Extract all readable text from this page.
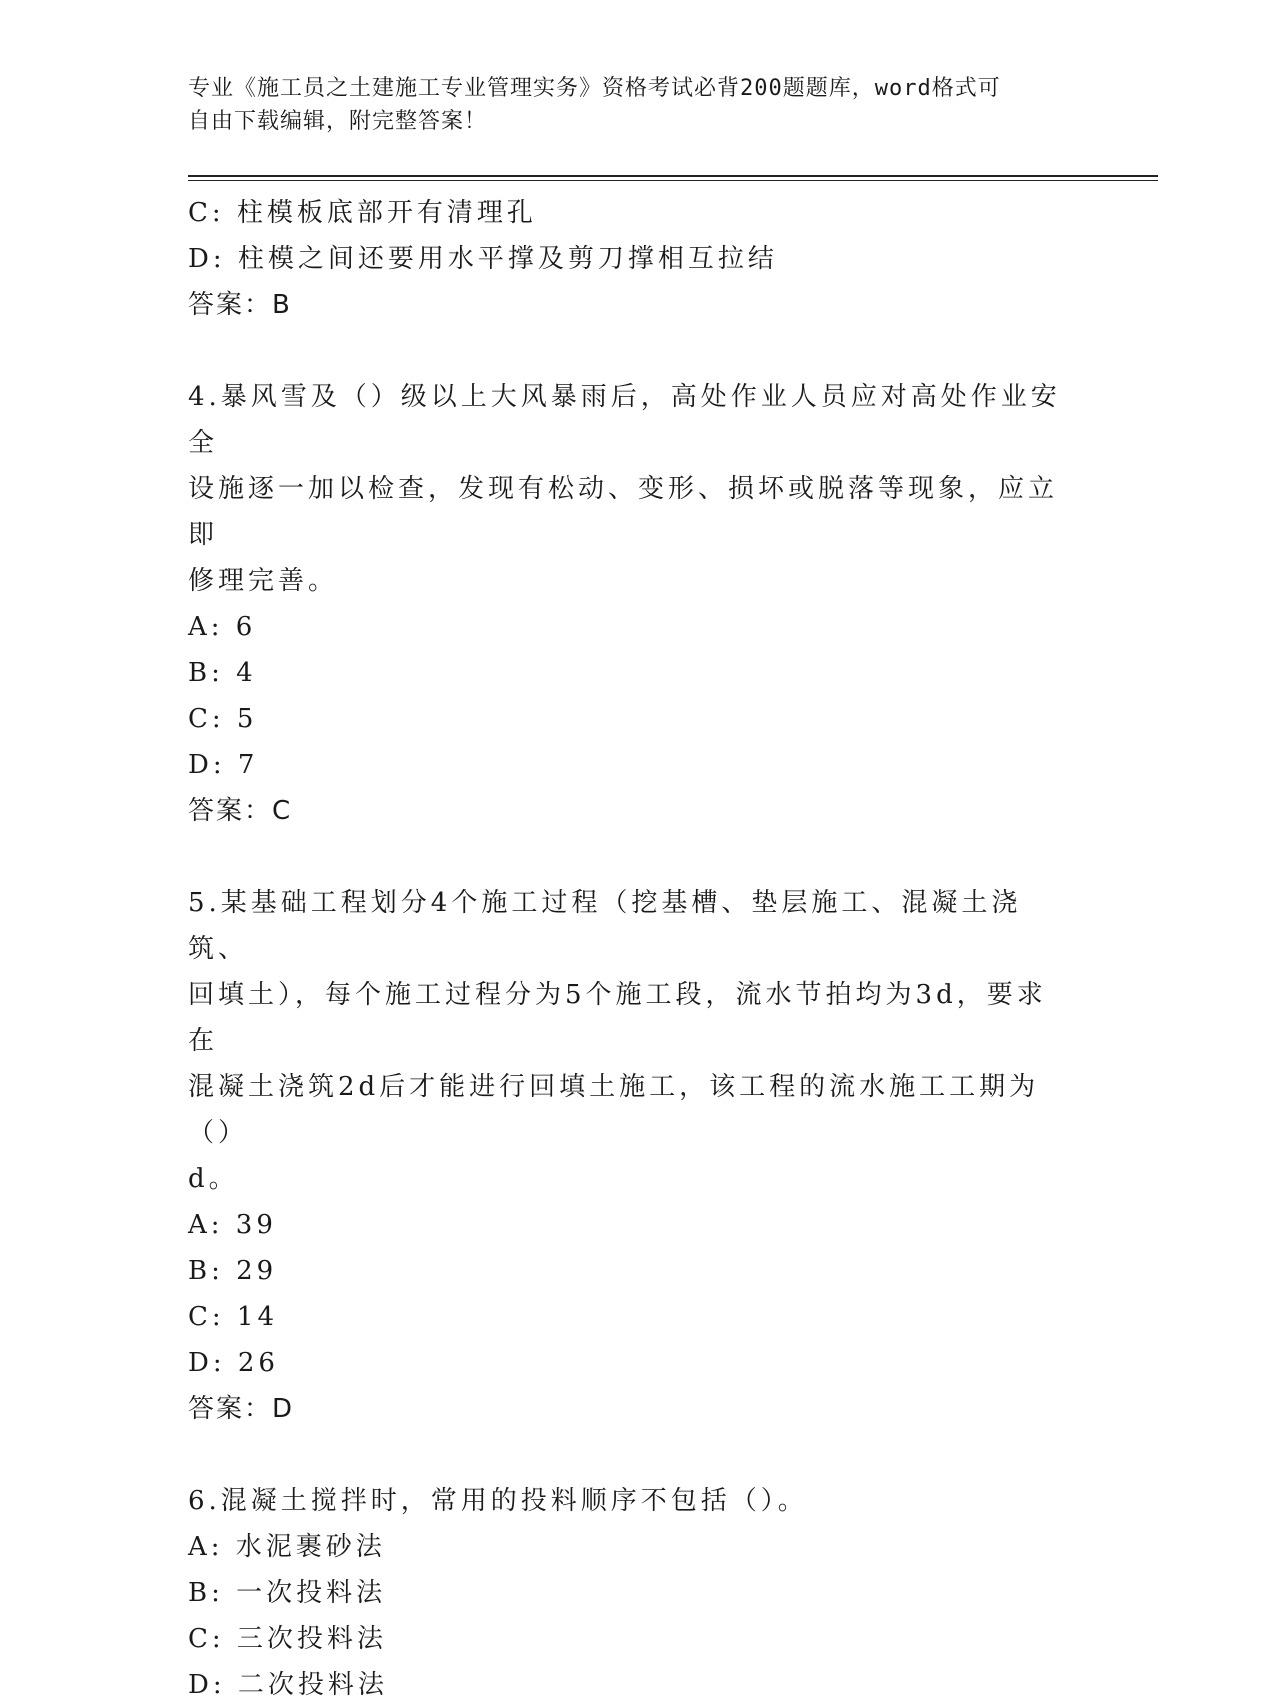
专业《施工员之土建施工专业管理实务》资格考试必背200题题库，word格式可
自由下载编辑，附完整答案！
C: 柱模板底部开有清理孔
D: 柱模之间还要用水平撑及剪刀撑相互拉结
答案：B
4.暴风雪及（）级以上大风暴雨后，高处作业人员应对高处作业安全
设施逐一加以检查，发现有松动、变形、损坏或脱落等现象，应立即
修理完善。
A: 6
B: 4
C: 5
D: 7
答案：C
5.某基础工程划分4个施工过程（挖基槽、垫层施工、混凝土浇筑、
回填土），每个施工过程分为5个施工段，流水节拍均为3d，要求在
混凝土浇筑2d后才能进行回填土施工，该工程的流水施工工期为（）
d。
A: 39
B: 29
C: 14
D: 26
答案：D
6.混凝土搅拌时，常用的投料顺序不包括（）。
A: 水泥裹砂法
B: 一次投料法
C: 三次投料法
D: 二次投料法
